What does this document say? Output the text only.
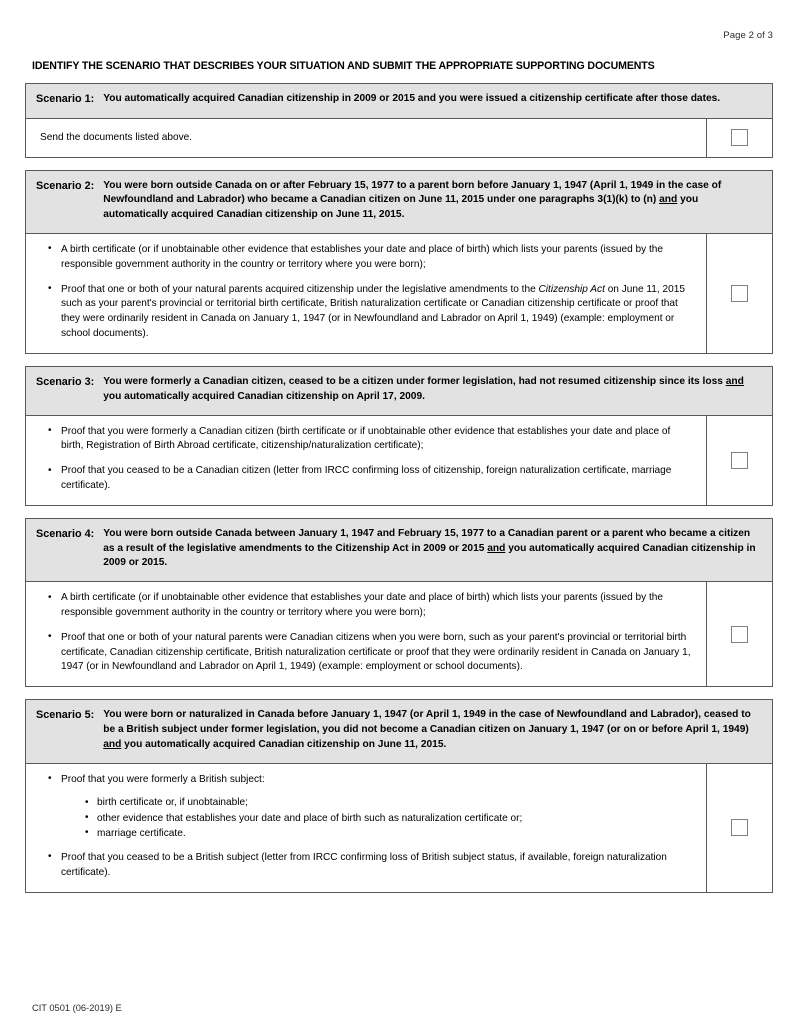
Page 2 of 3
IDENTIFY THE SCENARIO THAT DESCRIBES YOUR SITUATION AND SUBMIT THE APPROPRIATE SUPPORTING DOCUMENTS
Scenario 1: You automatically acquired Canadian citizenship in 2009 or 2015 and you were issued a citizenship certificate after those dates.
Send the documents listed above.
Scenario 2: You were born outside Canada on or after February 15, 1977 to a parent born before January 1, 1947 (April 1, 1949 in the case of Newfoundland and Labrador) who became a Canadian citizen on June 11, 2015 under one paragraphs 3(1)(k) to (n) and you automatically acquired Canadian citizenship on June 11, 2015.
• A birth certificate (or if unobtainable other evidence that establishes your date and place of birth) which lists your parents (issued by the responsible government authority in the country or territory where you were born);
• Proof that one or both of your natural parents acquired citizenship under the legislative amendments to the Citizenship Act on June 11, 2015 such as your parent's provincial or territorial birth certificate, British naturalization certificate or Canadian citizenship certificate or proof that they were ordinarily resident in Canada on January 1, 1947 (or in Newfoundland and Labrador on April 1, 1949) (example: employment or school documents).
Scenario 3: You were formerly a Canadian citizen, ceased to be a citizen under former legislation, had not resumed citizenship since its loss and you automatically acquired Canadian citizenship on April 17, 2009.
• Proof that you were formerly a Canadian citizen (birth certificate or if unobtainable other evidence that establishes your date and place of birth, Registration of Birth Abroad certificate, citizenship/naturalization certificate);
• Proof that you ceased to be a Canadian citizen (letter from IRCC confirming loss of citizenship, foreign naturalization certificate, marriage certificate).
Scenario 4: You were born outside Canada between January 1, 1947 and February 15, 1977 to a Canadian parent or a parent who became a citizen as a result of the legislative amendments to the Citizenship Act in 2009 or 2015 and you automatically acquired Canadian citizenship in 2009 or 2015.
• A birth certificate (or if unobtainable other evidence that establishes your date and place of birth) which lists your parents (issued by the responsible government authority in the country or territory where you were born);
• Proof that one or both of your natural parents were Canadian citizens when you were born, such as your parent's provincial or territorial birth certificate, Canadian citizenship certificate, British naturalization certificate or proof that they were ordinarily resident in Canada on January 1, 1947 (or in Newfoundland and Labrador on April 1, 1949) (example: employment or school documents).
Scenario 5: You were born or naturalized in Canada before January 1, 1947 (or April 1, 1949 in the case of Newfoundland and Labrador), ceased to be a British subject under former legislation, you did not become a Canadian citizen on January 1, 1947 (or on or before April 1, 1949) and you automatically acquired Canadian citizenship on June 11, 2015.
• Proof that you were formerly a British subject:
• birth certificate or, if unobtainable;
• other evidence that establishes your date and place of birth such as naturalization certificate or;
• marriage certificate.
• Proof that you ceased to be a British subject (letter from IRCC confirming loss of British subject status, if available, foreign naturalization certificate).
CIT 0501 (06-2019) E
